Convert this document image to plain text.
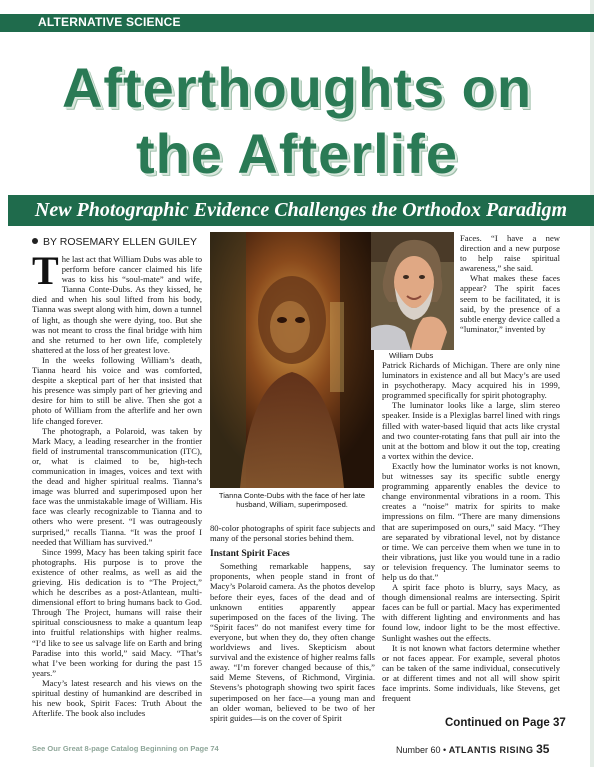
ALTERNATIVE SCIENCE
Afterthoughts on
the Afterlife
New Photographic Evidence Challenges the Orthodox Paradigm
BY ROSEMARY ELLEN GUILEY

The last act that William Dubs was able to perform before cancer claimed his life was to kiss his “soul-mate” and wife, Tianna Conte-Dubs. As they kissed, he died and when his soul lifted from his body, Tianna was swept along with him, down a tunnel of light, as though she were dying, too. But she was not meant to cross the final bridge with him and she returned to her own life, completely shattered at the loss of her greatest love.

In the weeks following William’s death, Tianna heard his voice and was comforted, despite a skeptical part of her that insisted that his presence was simply part of her grieving and desire for him to still be alive. Then she got a photo of William from the afterlife and her own life changed forever.

The photograph, a Polaroid, was taken by Mark Macy, a leading researcher in the frontier field of instrumental transcommunication (ITC), or, what is claimed to be, high-tech communication in images, voices and text with the dead and higher spiritual realms. Tianna’s image was blurred and superimposed upon her face was the unmistakable image of William. His face was clearly recognizable to Tianna and to others who were present. “I was outrageously surprised,” recalls Tianna. “It was the proof I needed that William has survived.”

Since 1999, Macy has been taking spirit face photographs. His purpose is to prove the existence of other realms, as well as aid the grieving. His dedication is to “The Project,” which he describes as a post-Atlantean, multi-dimensional effort to bring humans back to God. Through The Project, humans will raise their spiritual consciousness to make a quantum leap into fruitful relationships with higher realms. “I’d like to see us salvage life on Earth and bring Paradise into this world,” said Macy. “That’s what I’ve been working for during the past 15 years.”

Macy’s latest research and his views on the spiritual destiny of humankind are described in his new book, Spirit Faces: Truth About the Afterlife. The book also includes

Tianna Conte-Dubs with the face of her late husband, William, superimposed.
William Dubs

Faces. “I have a new direction and a new purpose to help raise spiritual awareness,” she said.

What makes these faces appear? The spirit faces seem to be facilitated, it is said, by the presence of a subtle energy device called a “luminator,” invented by

80-color photographs of spirit face subjects and many of the personal stories behind them.

Instant Spirit Faces

Something remarkable happens, say proponents, when people stand in front of Macy’s Polaroid camera. As the photos develop before their eyes, faces of the dead and of unknown entities apparently appear superimposed on the faces of the living. The “Spirit faces” do not manifest every time for everyone, but when they do, they often change worldviews and lives. Skepticism about survival and the existence of higher realms falls away. “I’m forever changed because of this,” said Meme Stevens, of Richmond, Virginia. Stevens’s photograph showing two spirit faces superimposed on her face—a young man and an older woman, believed to be two of her spirit guides—is on the cover of Spirit

Patrick Richards of Michigan. There are only nine luminators in existence and all but Macy’s are used in psychotherapy. Macy acquired his in 1999, programmed specifically for spirit photography.

The luminator looks like a large, slim stereo speaker. Inside is a Plexiglas barrel lined with rings filled with water-based liquid that acts like crystal and two counter-rotating fans that pull air into the unit at the bottom and blow it out the top, creating a vortex within the device.

Exactly how the luminator works is not known, but witnesses say its specific subtle energy programming apparently enables the device to change environmental vibrations in a room. This creates a “noise” matrix for spirits to make impressions on film. “There are many dimensions that are superimposed on ours,” said Macy. “They are separated by vibrational level, not by distance or time. We can perceive them when we tune in to their vibrations, just like you would tune in a radio or television frequency. The luminator seems to help us do that.”

A spirit face photo is blurry, says Macy, as though dimensional realms are intersecting. Spirit faces can be full or partial. Macy has experimented with different lighting and environments and has found low, indoor light to be the most effective. Sunlight washes out the effects.

It is not known what factors determine whether or not faces appear. For example, several photos can be taken of the same individual, consecutively or at different times and not all will show spirit face imprints. Some individuals, like Stevens, get frequent

Continued on Page 37
See Our Great 8-page Catalog Beginning on Page 74	Number 60 • ATLANTIS RISING 35
